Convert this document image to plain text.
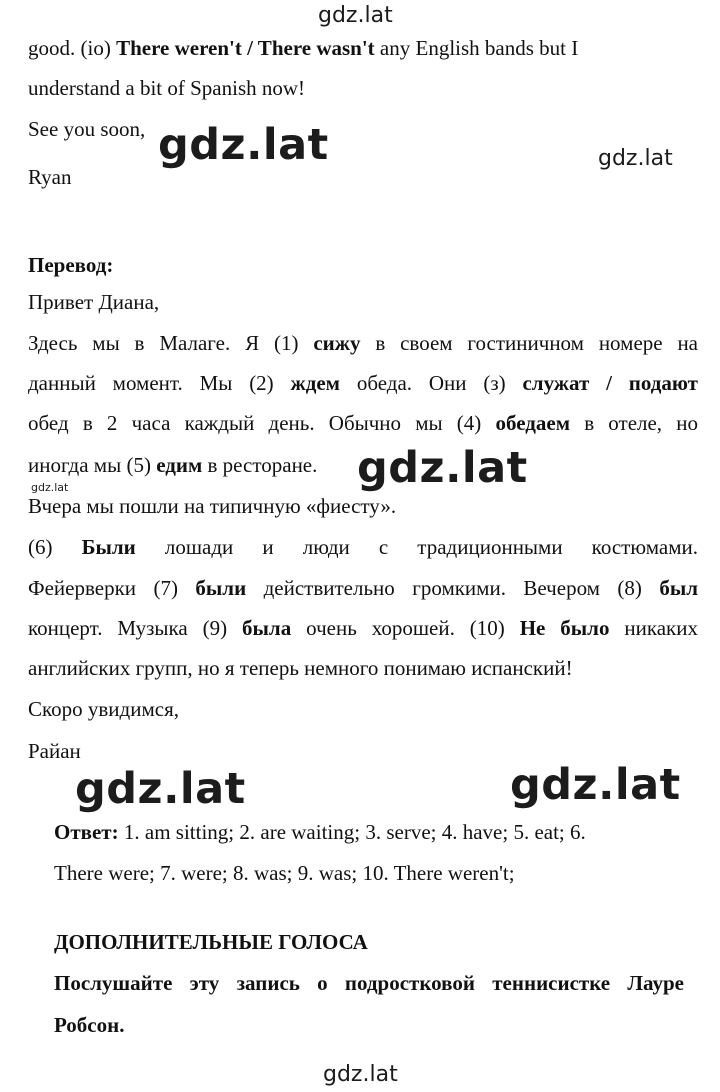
gdz.lat
good. (io) There weren't / There wasn't any English bands but I
understand a bit of Spanish now!
See you soon, gdz.lat	gdz.lat
Ryan
Перевод:
Привет Диана,
Здесь мы в Малаге. Я (1) сижу в своем гостиничном номере на
данный момент. Мы (2) ждем обеда. Они (з) служат / подают
обед в 2 часа каждый день. Обычно мы (4) обедаем в отеле, но
иногда мы (5) едим в ресторане. gdz.lat
gdz.lat
Вчера мы пошли на типичную «фиесту».
(6) Были лошади и люди с традиционными костюмами.
Фейерверки (7) были действительно громкими. Вечером (8) был
концерт. Музыка (9) была очень хорошей. (10) Не было никаких
английских групп, но я теперь немного понимаю испанский!
Скоро увидимся,
Райан
gdz.lat	gdz.lat
Ответ: 1. am sitting; 2. are waiting; 3. serve; 4. have; 5. eat; 6.
There were; 7. were; 8. was; 9. was; 10. There weren't;
ДОПОЛНИТЕЛЬНЫЕ ГОЛОСА
Послушайте эту запись о подростковой теннисистке Лауре
Робсон.
gdz.lat
